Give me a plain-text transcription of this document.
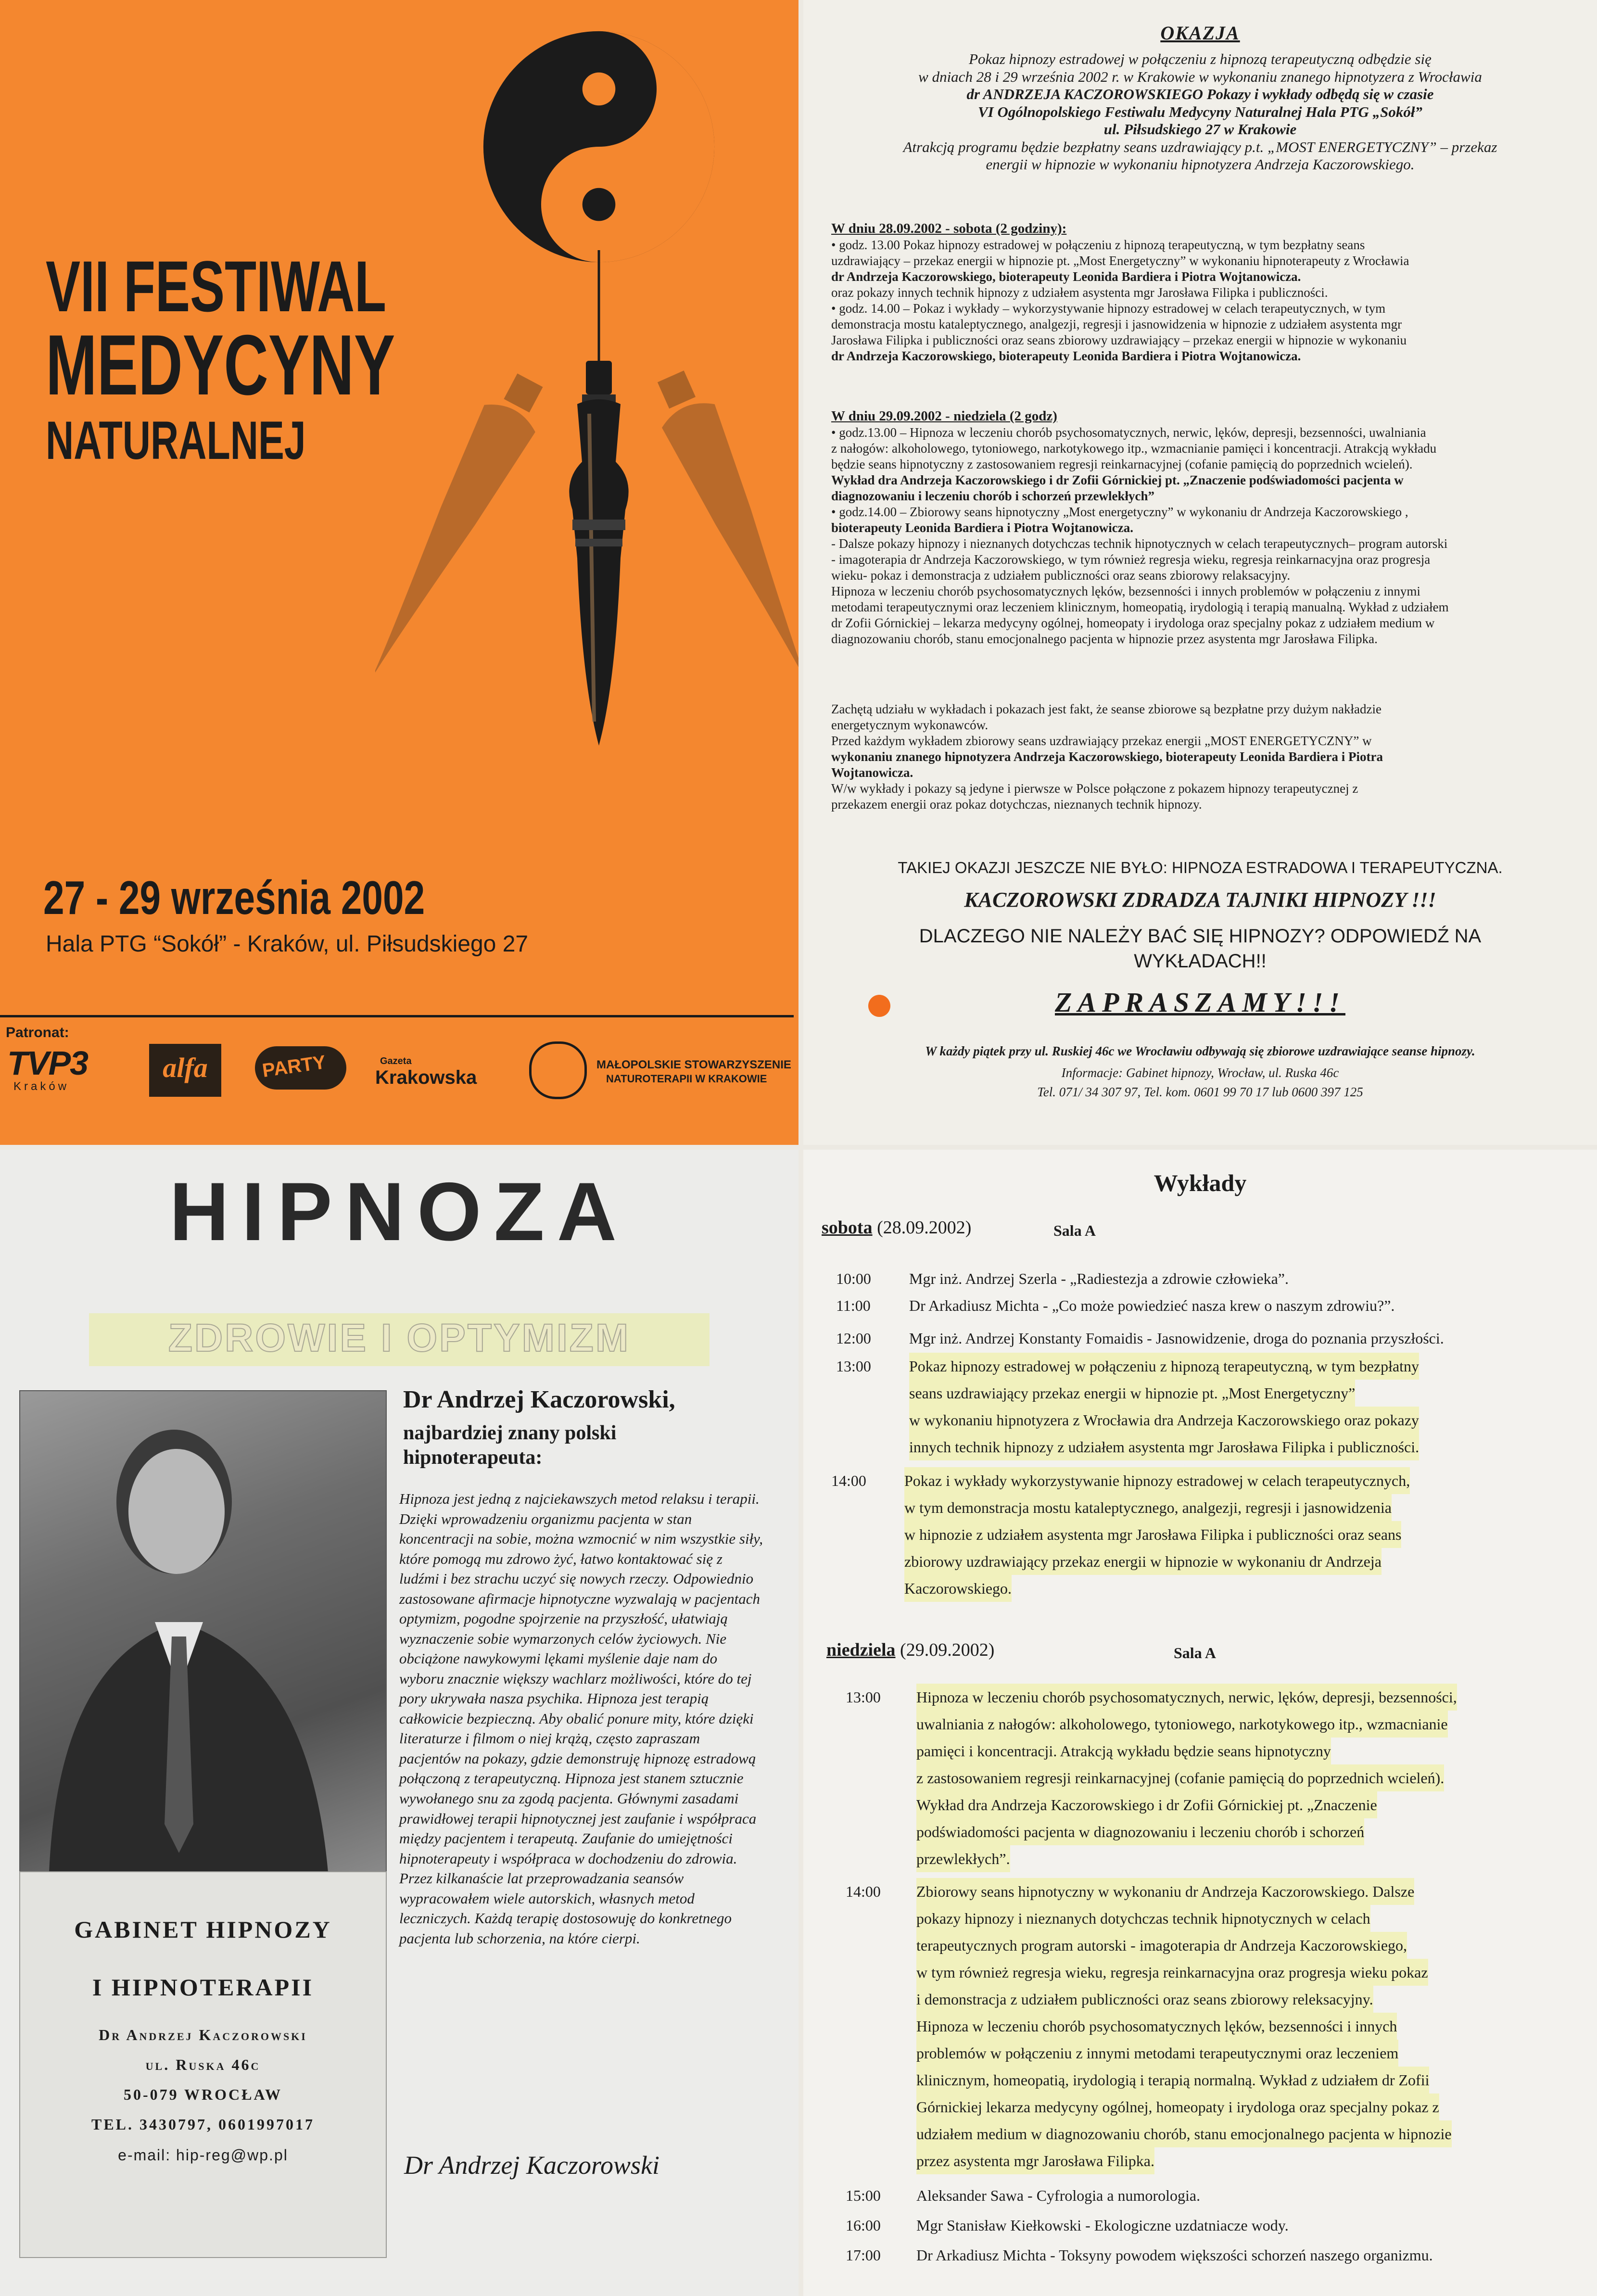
VII FESTIWAL
MEDYCYNY
NATURALNEJ
27 - 29 września 2002
Hala PTG “Sokół” - Kraków, ul. Piłsudskiego 27
Patronat:
TVP3
Kraków
alfa	PARTY	Gazeta
Krakowska
MAŁOPOLSKIE STOWARZYSZENIE
NATUROTERAPII W KRAKOWIE
OKAZJA

Pokaz hipnozy estradowej w połączeniu z hipnozą terapeutyczną odbędzie się

w dniach 28 i 29 września 2002 r. w Krakowie w wykonaniu znanego hipnotyzera z Wrocławia

dr ANDRZEJA KACZOROWSKIEGO Pokazy i wykłady odbędą się w czasie

VI Ogólnopolskiego Festiwalu Medycyny Naturalnej Hala PTG „Sokół”

ul. Piłsudskiego 27 w Krakowie

Atrakcją programu będzie bezpłatny seans uzdrawiający p.t. „MOST ENERGETYCZNY” – przekaz

energii w hipnozie w wykonaniu hipnotyzera Andrzeja Kaczorowskiego.

W dniu 28.09.2002 - sobota (2 godziny):

• godz. 13.00 Pokaz hipnozy estradowej w połączeniu z hipnozą terapeutyczną, w tym bezpłatny seans

uzdrawiający – przekaz energii w hipnozie pt. „Most Energetyczny” w wykonaniu hipnoterapeuty z Wrocławia

dr Andrzeja Kaczorowskiego, bioterapeuty Leonida Bardiera i Piotra Wojtanowicza.

oraz pokazy innych technik hipnozy z udziałem asystenta mgr Jarosława Filipka i publiczności.

• godz. 14.00 – Pokaz i wykłady – wykorzystywanie hipnozy estradowej w celach terapeutycznych, w tym

demonstracja mostu kataleptycznego, analgezji, regresji i jasnowidzenia w hipnozie z udziałem asystenta mgr

Jarosława Filipka i publiczności oraz seans zbiorowy uzdrawiający – przekaz energii w hipnozie w wykonaniu

dr Andrzeja Kaczorowskiego, bioterapeuty Leonida Bardiera i Piotra Wojtanowicza.

W dniu 29.09.2002 - niedziela (2 godz)

• godz.13.00 – Hipnoza w leczeniu chorób psychosomatycznych, nerwic, lęków, depresji, bezsenności, uwalniania

z nałogów: alkoholowego, tytoniowego, narkotykowego itp., wzmacnianie pamięci i koncentracji. Atrakcją wykładu

będzie seans hipnotyczny z zastosowaniem regresji reinkarnacyjnej (cofanie pamięcią do poprzednich wcieleń).

Wykład dra Andrzeja Kaczorowskiego i dr Zofii Górnickiej pt. „Znaczenie podświadomości pacjenta w

diagnozowaniu i leczeniu chorób i schorzeń przewlekłych”

• godz.14.00 – Zbiorowy seans hipnotyczny „Most energetyczny” w wykonaniu dr Andrzeja Kaczorowskiego ,

bioterapeuty Leonida Bardiera i Piotra Wojtanowicza.

- Dalsze pokazy hipnozy i nieznanych dotychczas technik hipnotycznych w celach terapeutycznych– program autorski

- imagoterapia dr Andrzeja Kaczorowskiego, w tym również regresja wieku, regresja reinkarnacyjna oraz progresja

wieku- pokaz i demonstracja z udziałem publiczności oraz seans zbiorowy relaksacyjny.

Hipnoza w leczeniu chorób psychosomatycznych lęków, bezsenności i innych problemów w połączeniu z innymi

metodami terapeutycznymi oraz leczeniem klinicznym, homeopatią, irydologią i terapią manualną. Wykład z udziałem

dr Zofii Górnickiej – lekarza medycyny ogólnej, homeopaty i irydologa oraz specjalny pokaz z udziałem medium w

diagnozowaniu chorób, stanu emocjonalnego pacjenta w hipnozie przez asystenta mgr Jarosława Filipka.

Zachętą udziału w wykładach i pokazach jest fakt, że seanse zbiorowe są bezpłatne przy dużym nakładzie

energetycznym wykonawców.

Przed każdym wykładem zbiorowy seans uzdrawiający przekaz energii „MOST ENERGETYCZNY” w

wykonaniu znanego hipnotyzera Andrzeja Kaczorowskiego, bioterapeuty Leonida Bardiera i Piotra

Wojtanowicza.

W/w wykłady i pokazy są jedyne i pierwsze w Polsce połączone z pokazem hipnozy terapeutycznej z

przekazem energii oraz pokaz dotychczas, nieznanych technik hipnozy.

TAKIEJ OKAZJI JESZCZE NIE BYŁO: HIPNOZA ESTRADOWA I TERAPEUTYCZNA.

KACZOROWSKI ZDRADZA TAJNIKI HIPNOZY !!!

DLACZEGO NIE NALEŻY BAĆ SIĘ HIPNOZY? ODPOWIEDŹ NA WYKŁADACH!!

ZAPRASZAMY!!!

W każdy piątek przy ul. Ruskiej 46c we Wrocławiu odbywają się zbiorowe uzdrawiające seanse hipnozy.

Informacje: Gabinet hipnozy, Wrocław, ul. Ruska 46c

Tel. 071/ 34 307 97, Tel. kom. 0601 99 70 17 lub 0600 397 125

HIPNOZA
ZDROWIE I OPTYMIZM
GABINET HIPNOZY
I HIPNOTERAPII

Dr Andrzej Kaczorowski

ul. Ruska 46c

50-079 WROCŁAW

TEL. 3430797, 0601997017

e-mail: hip-reg@wp.pl

Dr Andrzej Kaczorowski,

najbardziej znany polski

hipnoterapeuta:

Hipnoza jest jedną z najciekawszych metod relaksu i terapii. Dzięki wprowadzeniu organizmu pacjenta w stan koncentracji na sobie, można wzmocnić w nim wszystkie siły, które pomogą mu zdrowo żyć, łatwo kontaktować się z ludźmi i bez strachu uczyć się nowych rzeczy. Odpowiednio zastosowane afirmacje hipnotyczne wyzwalają w pacjentach optymizm, pogodne spojrzenie na przyszłość, ułatwiają wyznaczenie sobie wymarzonych celów życiowych. Nie obciążone nawykowymi lękami myślenie daje nam do wyboru znacznie większy wachlarz możliwości, które do tej pory ukrywała nasza psychika. Hipnoza jest terapią całkowicie bezpieczną. Aby obalić ponure mity, które dzięki literaturze i filmom o niej krążą, często zapraszam pacjentów na pokazy, gdzie demonstruję hipnozę estradową połączoną z terapeutyczną. Hipnoza jest stanem sztucznie wywołanego snu za zgodą pacjenta. Głównymi zasadami prawidłowej terapii hipnotycznej jest zaufanie i współpraca między pacjentem i terapeutą. Zaufanie do umiejętności hipnoterapeuty i współpraca w dochodzeniu do zdrowia. Przez kilkanaście lat przeprowadzania seansów wypracowałem wiele autorskich, własnych metod leczniczych. Każdą terapię dostosowuję do konkretnego pacjenta lub schorzenia, na które cierpi.

Dr Andrzej Kaczorowski

Wykłady

sobota (28.09.2002)	Sala A

10:00 Mgr inż. Andrzej Szerla - „Radiestezja a zdrowie człowieka”.

11:00	Dr Arkadiusz Michta - „Co może powiedzieć nasza krew o naszym zdrowiu?”.

12:00 Mgr inż. Andrzej Konstanty Fomaidis - Jasnowidzenie, droga do poznania przyszłości.

13:00 Pokaz hipnozy estradowej w połączeniu z hipnozą terapeutyczną, w tym bezpłatny

seans uzdrawiający przekaz energii w hipnozie pt. „Most Energetyczny”

w wykonaniu hipnotyzera z Wrocławia dra Andrzeja Kaczorowskiego oraz pokazy

innych technik hipnozy z udziałem asystenta mgr Jarosława Filipka i publiczności.

14:00 Pokaz i wykłady wykorzystywanie hipnozy estradowej w celach terapeutycznych,

w tym demonstracja mostu kataleptycznego, analgezji, regresji i jasnowidzenia

w hipnozie z udziałem asystenta mgr Jarosława Filipka i publiczności oraz seans

zbiorowy uzdrawiający przekaz energii w hipnozie w wykonaniu dr Andrzeja

Kaczorowskiego.

niedziela (29.09.2002)	Sala A

13:00 Hipnoza w leczeniu chorób psychosomatycznych, nerwic, lęków, depresji, bezsenności,

uwalniania z nałogów: alkoholowego, tytoniowego, narkotykowego itp., wzmacnianie

pamięci i koncentracji. Atrakcją wykładu będzie seans hipnotyczny

z zastosowaniem regresji reinkarnacyjnej (cofanie pamięcią do poprzednich wcieleń).

Wykład dra Andrzeja Kaczorowskiego i dr Zofii Górnickiej pt. „Znaczenie

podświadomości pacjenta w diagnozowaniu i leczeniu chorób i schorzeń

przewlekłych”.

14:00 Zbiorowy seans hipnotyczny w wykonaniu dr Andrzeja Kaczorowskiego. Dalsze

pokazy hipnozy i nieznanych dotychczas technik hipnotycznych w celach

terapeutycznych program autorski - imagoterapia dr Andrzeja Kaczorowskiego,

w tym również regresja wieku, regresja reinkarnacyjna oraz progresja wieku pokaz

i demonstracja z udziałem publiczności oraz seans zbiorowy releksacyjny.

Hipnoza w leczeniu chorób psychosomatycznych lęków, bezsenności i innych

problemów w połączeniu z innymi metodami terapeutycznymi oraz leczeniem

klinicznym, homeopatią, irydologią i terapią normalną. Wykład z udziałem dr Zofii

Górnickiej lekarza medycyny ogólnej, homeopaty i irydologa oraz specjalny pokaz z

udziałem medium w diagnozowaniu chorób, stanu emocjonalnego pacjenta w hipnozie

przez asystenta mgr Jarosława Filipka.

15:00 Aleksander Sawa - Cyfrologia a numorologia.

16:00 Mgr Stanisław Kiełkowski - Ekologiczne uzdatniacze wody.

17:00 Dr Arkadiusz Michta - Toksyny powodem większości schorzeń naszego organizmu.
